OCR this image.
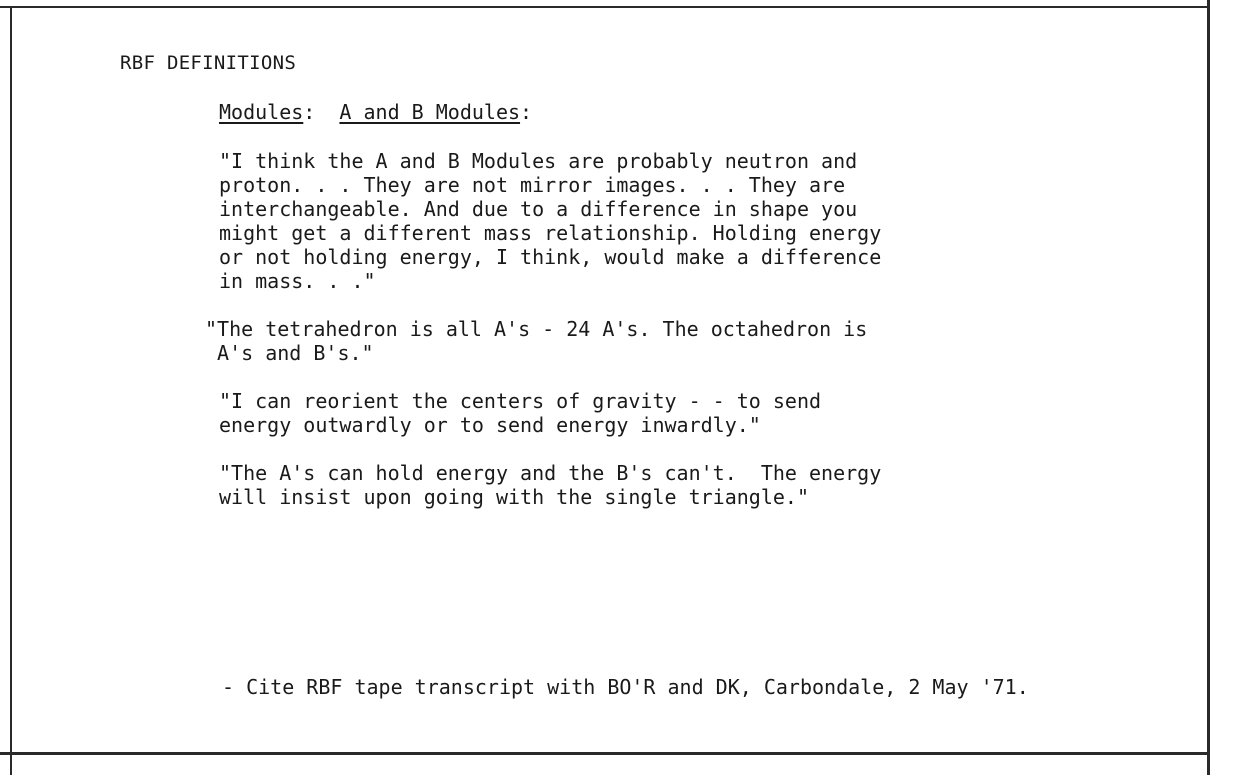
RBF DEFINITIONS
Modules:  A and B Modules:

"I think the A and B Modules are probably neutron and
proton. . . They are not mirror images. . . They are
interchangeable. And due to a difference in shape you
might get a different mass relationship. Holding energy
or not holding energy, I think, would make a difference
in mass. . ."

"The tetrahedron is all A's - 24 A's. The octahedron is
A's and B's."

"I can reorient the centers of gravity - - to send
energy outwardly or to send energy inwardly."

"The A's can hold energy and the B's can't.  The energy
will insist upon going with the single triangle."

- Cite RBF tape transcript with BO'R and DK, Carbondale, 2 May '71.
